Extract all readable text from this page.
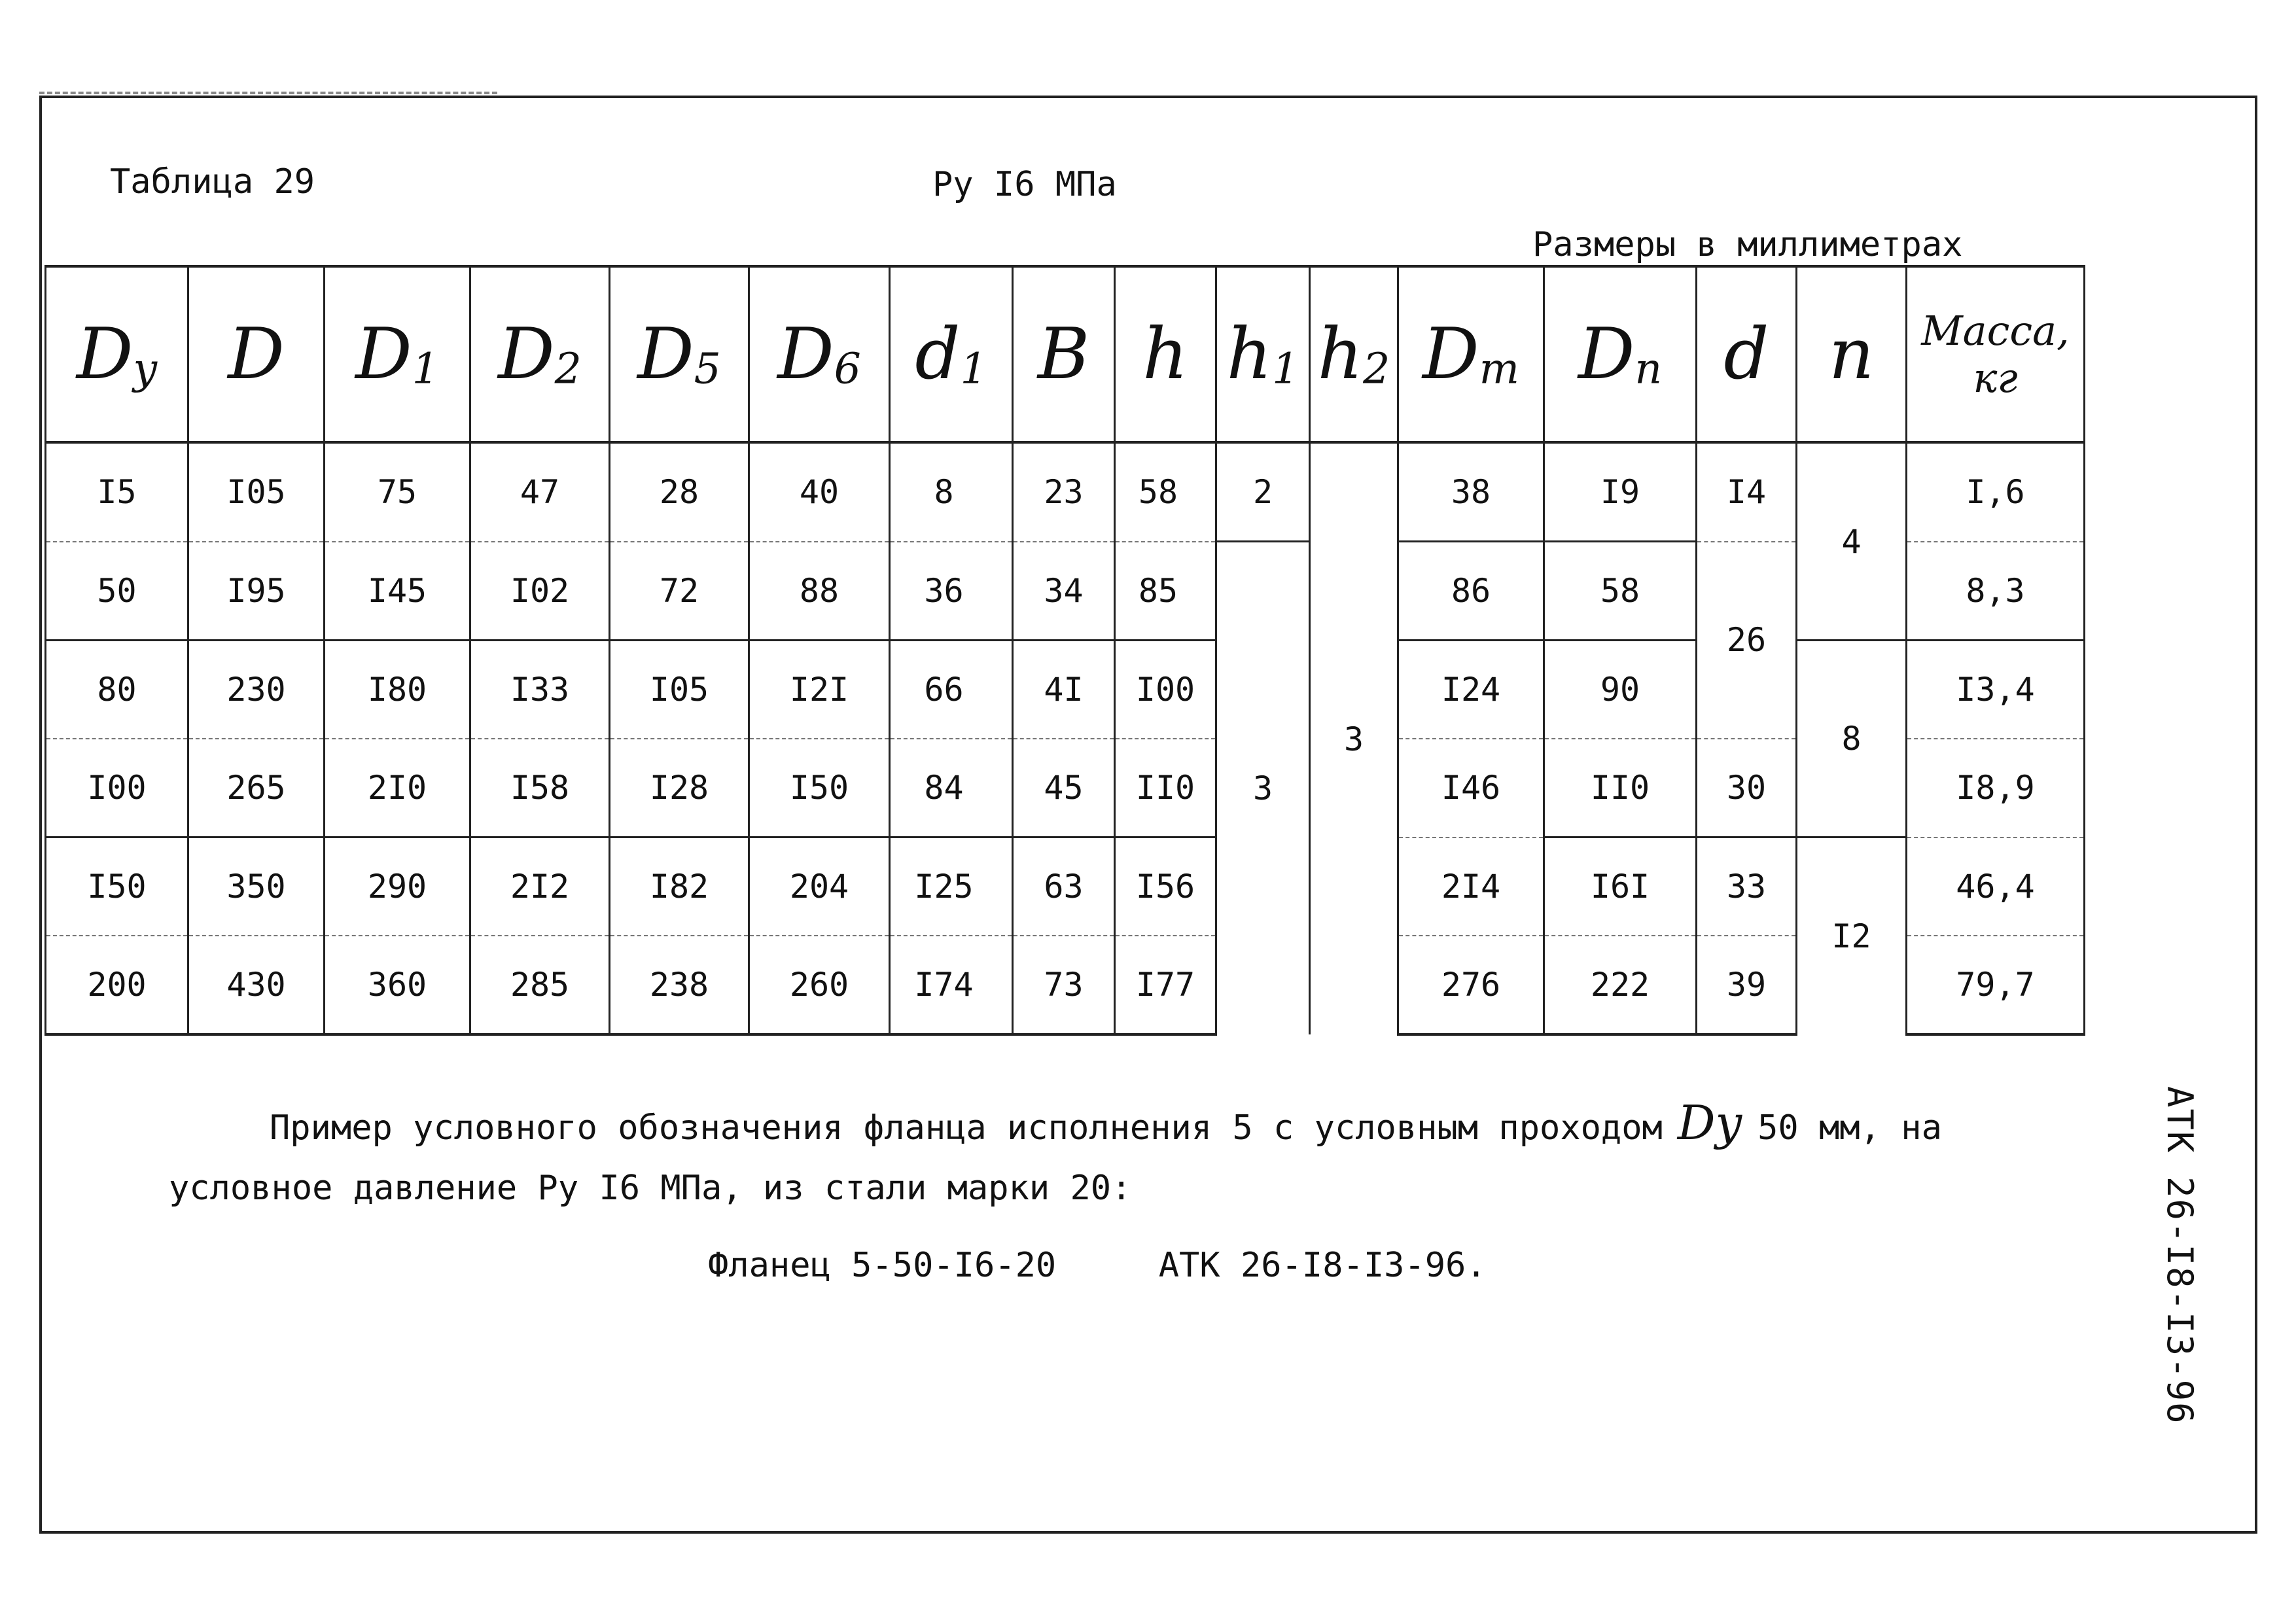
Таблица 29	Ру I6 МПа
Размеры в миллиметрах
Dy	D	D1	D2	D5	D6	d1	B	h	h1	h2	Dm	Dn	d	n	Масса,
кг
I5	I05	75	47	28	40	8	23	58	2	3	38	I9	I4	4	I,6
50	I95	I45	I02	72	88	36	34	85	3		86	58	26		8,3
80	230	I80	I33	I05	I2I	66	4I	I00			I24	90		8	I3,4
I00	265	2I0	I58	I28	I50	84	45	II0			I46	II0	30		I8,9
I50	350	290	2I2	I82	204	I25	63	I56			2I4	I6I	33	I2	46,4
200	430	360	285	238	260	I74	73	I77			276	222	39		79,7
Пример условного обозначения фланца исполнения 5 с условным проходом Dу 50 мм, на
условное давление Ру I6 МПа, из стали марки 20:
Фланец 5-50-I6-20     АТК 26-I8-I3-96.	АТК 26-I8-I3-96
